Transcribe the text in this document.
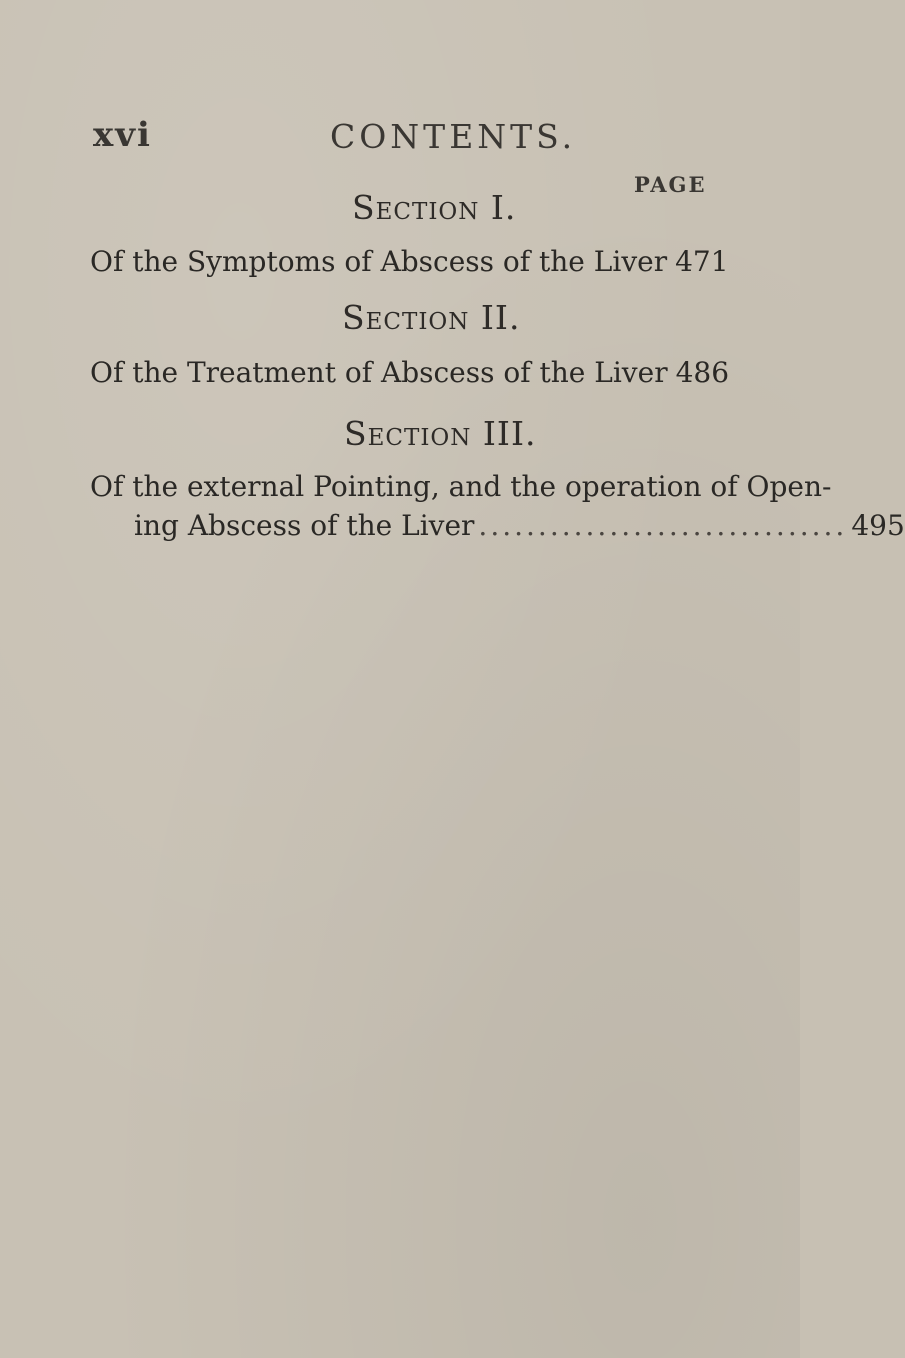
xvi	CONTENTS.
PAGE
Section I.
Of the Symptoms of Abscess of the Liver 471
Section II.
Of the Treatment of Abscess of the Liver 486
Section III.
Of the external Pointing, and the operation of Open-
ing Abscess of the Liver ............................... 495
